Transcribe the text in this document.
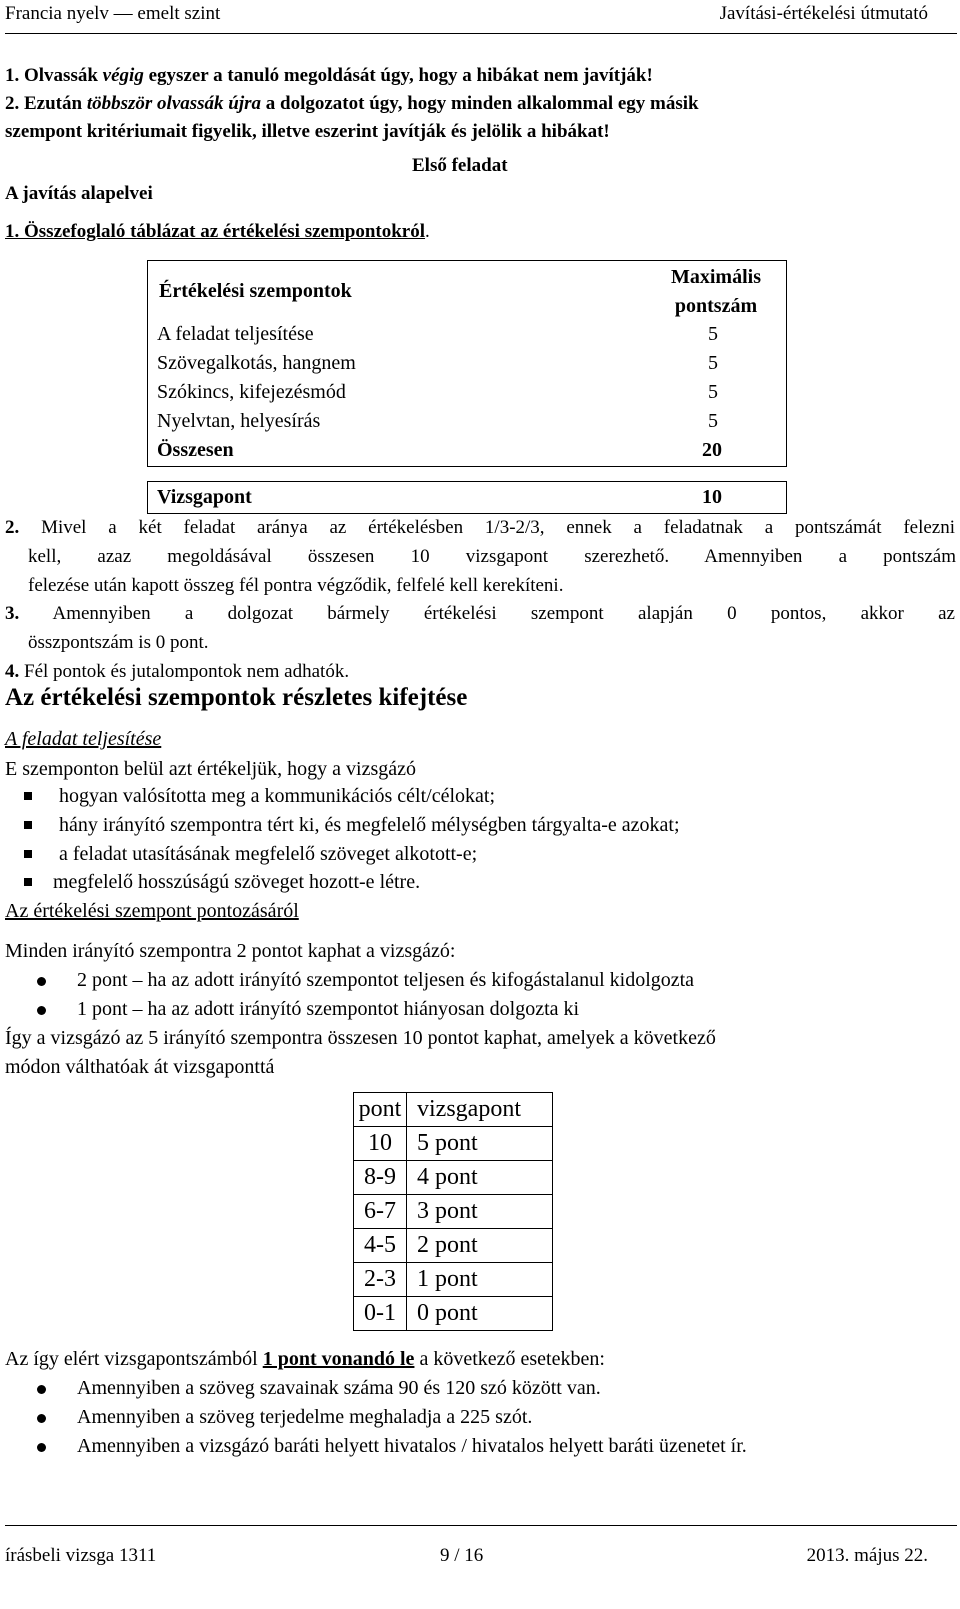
Francia nyelv — emelt szint	Javítási-értékelési útmutató
1. Olvassák végig egyszer a tanuló megoldását úgy, hogy a hibákat nem javítják!
2. Ezután többször olvassák újra a dolgozatot úgy, hogy minden alkalommal egy másik
szempont kritériumait figyelik, illetve eszerint javítják és jelölik a hibákat!
Első feladat
A javítás alapelvei
1. Összefoglaló táblázat az értékelési szempontokról.
Értékelési szempontok
Maximális
pontszám
A feladat teljesítése	5
Szövegalkotás, hangnem	5
Szókincs, kifejezésmód	5
Nyelvtan, helyesírás	5
Összesen	20
Vizsgapont	10
2. Mivel a két feladat aránya az értékelésben 1/3-2/3, ennek a feladatnak a pontszámát felezni
kell, azaz megoldásával összesen 10 vizsgapont szerezhető. Amennyiben a pontszám
felezése után kapott összeg fél pontra végződik, felfelé kell kerekíteni.
3. Amennyiben a dolgozat bármely értékelési szempont alapján 0 pontos, akkor az
összpontszám is 0 pont.
4. Fél pontok és jutalompontok nem adhatók.
Az értékelési szempontok részletes kifejtése
A feladat teljesítése
E szemponton belül azt értékeljük, hogy a vizsgázó
hogyan valósította meg a kommunikációs célt/célokat;
hány irányító szempontra tért ki, és megfelelő mélységben tárgyalta-e azokat;
a feladat utasításának megfelelő szöveget alkotott-e;
megfelelő hosszúságú szöveget hozott-e létre.
Az értékelési szempont pontozásáról
Minden irányító szempontra 2 pontot kaphat a vizsgázó:
2 pont – ha az adott irányító szempontot teljesen és kifogástalanul kidolgozta
1 pont – ha az adott irányító szempontot hiányosan dolgozta ki
Így a vizsgázó az 5 irányító szempontra összesen 10 pontot kaphat, amelyek a következő
módon válthatóak át vizsgapontt​á
pont	vizsgapont
10	5 pont
8-9	4 pont
6-7	3 pont
4-5	2 pont
2-3	1 pont
0-1	0 pont
Az így elért vizsgapontszámból 1 pont vonandó le a következő esetekben:
Amennyiben a szöveg szavainak száma 90 és 120 szó között van.
Amennyiben a szöveg terjedelme meghaladja a 225 szót.
Amennyiben a vizsgázó baráti helyett hivatalos / hivatalos helyett baráti üzenetet ír.
írásbeli vizsga 1311	9 / 16	2013. május 22.
